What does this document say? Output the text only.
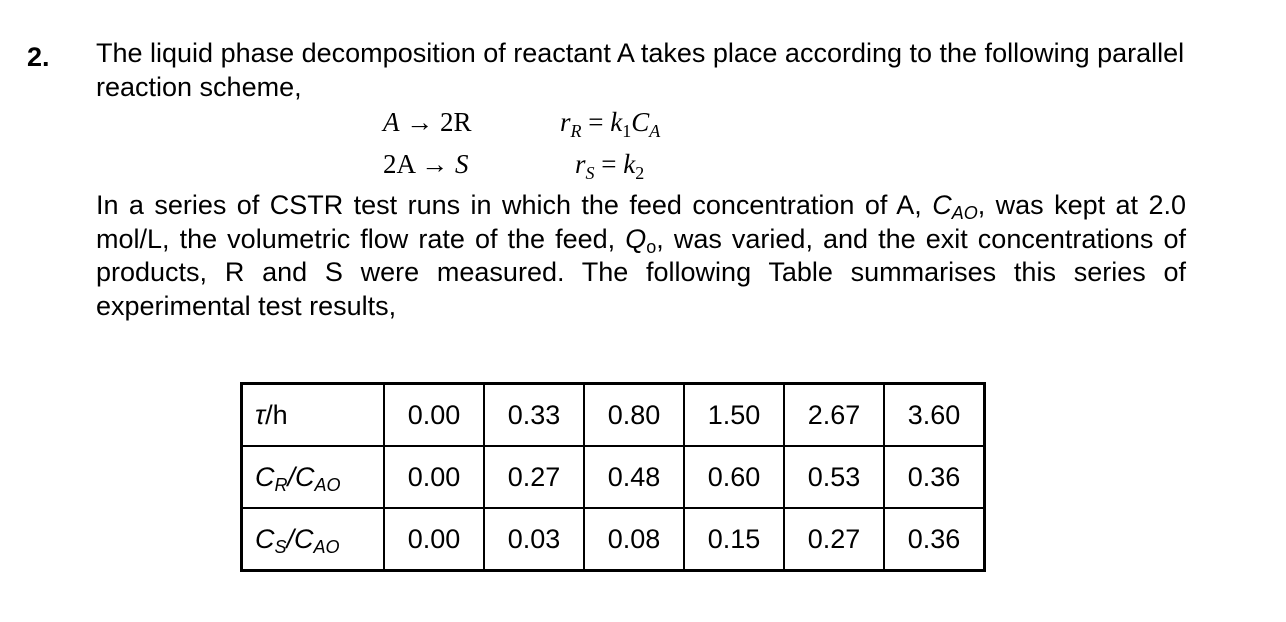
2. The liquid phase decomposition of reactant A takes place according to the following parallel reaction scheme,
A → 2R	$r_R = k_1C_A$
2A → S	$r_S = k_2$
In a series of CSTR test runs in which the feed concentration of A, CAO, was kept at 2.0 mol/L, the volumetric flow rate of the feed, Qo, was varied, and the exit concentrations of products, R and S were measured. The following Table summarises this series of experimental test results,
τ/h	0.00	0.33	0.80	1.50	2.67	3.60
CR/CAO	0.00	0.27	0.48	0.60	0.53	0.36
CS/CAO	0.00	0.03	0.08	0.15	0.27	0.36
